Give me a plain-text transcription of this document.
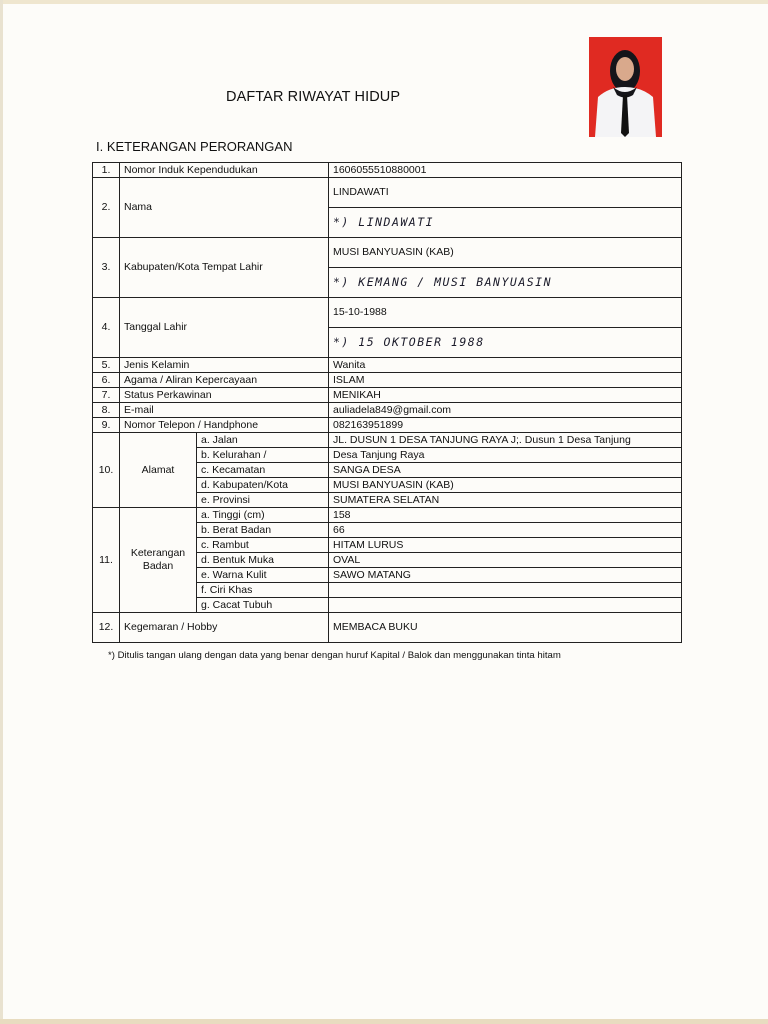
DAFTAR RIWAYAT HIDUP
I. KETERANGAN PERORANGAN
1.	Nomor Induk Kependudukan		1606055510880001
2.	Nama		LINDAWATI
			*) LINDAWATI
3.	Kabupaten/Kota Tempat Lahir		MUSI BANYUASIN (KAB)
			*) KEMANG / MUSI BANYUASIN
4.	Tanggal Lahir		15-10-1988
			*) 15 OKTOBER 1988
5.	Jenis Kelamin		Wanita
6.	Agama / Aliran Kepercayaan		ISLAM
7.	Status Perkawinan		MENIKAH
8.	E-mail		auliadela849@gmail.com
9.	Nomor Telepon / Handphone		082163951899
10.	Alamat	a. Jalan	JL. DUSUN 1 DESA TANJUNG RAYA J;. Dusun 1 Desa Tanjung
		b. Kelurahan /	Desa Tanjung Raya
		c. Kecamatan	SANGA DESA
		d. Kabupaten/Kota	MUSI BANYUASIN (KAB)
		e. Provinsi	SUMATERA SELATAN
11.	Keterangan
Badan	a. Tinggi (cm)	158
		b. Berat Badan	66
		c. Rambut	HITAM LURUS
		d. Bentuk Muka	OVAL
		e. Warna Kulit	SAWO MATANG
		f. Ciri Khas	
		g. Cacat Tubuh	
12.	Kegemaran / Hobby		MEMBACA BUKU
*) Ditulis tangan ulang dengan data yang benar dengan huruf Kapital / Balok dan menggunakan tinta hitam
